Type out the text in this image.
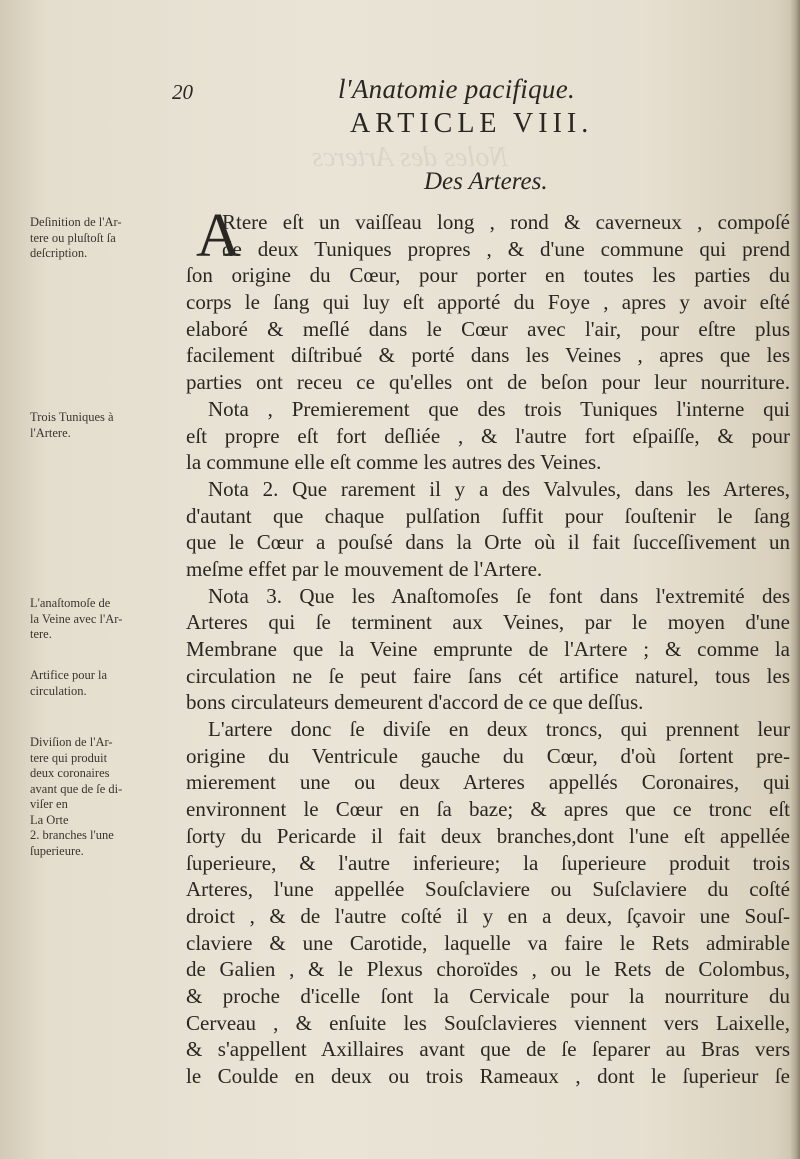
20	l'Anatomie pacifique.
ARTICLE VIII.
Noles des Artercs
Des Arteres.
A
Rtere eſt un vaiſſeau long , rond & caverneux , compoſé
de deux Tuniques propres , & d'une commune qui prend
ſon origine du Cœur, pour porter en toutes les parties du
corps le ſang qui luy eſt apporté du Foye , apres y avoir eſté
elaboré & meſlé dans le Cœur avec l'air, pour eſtre plus
facilement diſtribué & porté dans les Veines , apres que les
parties ont receu ce qu'elles ont de beſon pour leur nourriture.
Nota , Premierement que des trois Tuniques l'interne qui
eſt propre eſt fort deſliée , & l'autre fort eſpaiſſe, & pour
la commune elle eſt comme les autres des Veines.
Nota 2. Que rarement il y a des Valvules, dans les Arteres,
d'autant que chaque pulſation ſuffit pour ſouſtenir le ſang
que le Cœur a pouſsé dans la Orte où il fait ſucceſſivement un
meſme effet par le mouvement de l'Artere.
Nota 3. Que les Anaſtomoſes ſe font dans l'extremité des
Arteres qui ſe terminent aux Veines, par le moyen d'une
Membrane que la Veine emprunte de l'Artere ; & comme la
circulation ne ſe peut faire ſans cét artifice naturel, tous les
bons circulateurs demeurent d'accord de ce que deſſus.
L'artere donc ſe diviſe en deux troncs, qui prennent leur
origine du Ventricule gauche du Cœur, d'où ſortent pre-
mierement une ou deux Arteres appellés Coronaires, qui
environnent le Cœur en ſa baze; & apres que ce tronc eſt
ſorty du Pericarde il fait deux branches,dont l'une eſt appellée
ſuperieure, & l'autre inferieure; la ſuperieure produit trois
Arteres, l'une appellée Souſclaviere ou Suſclaviere du coſté
droict , & de l'autre coſté il y en a deux, ſçavoir une Souſ-
claviere & une Carotide, laquelle va faire le Rets admirable
de Galien , & le Plexus choroïdes , ou le Rets de Colombus,
& proche d'icelle ſont la Cervicale pour la nourriture du
Cerveau , & enſuite les Souſclavieres viennent vers Laixelle,
& s'appellent Axillaires avant que de ſe ſeparer au Bras vers
le Coulde en deux ou trois Rameaux , dont le ſuperieur ſe
Deſinition de l'Ar-
tere ou pluſtoſt ſa
deſcription.
Trois Tuniques à
l'Artere.
L'anaſtomoſe de
la Veine avec l'Ar-
tere.
Artifice pour la
circulation.
Diviſion de l'Ar-
tere qui produit
deux coronaires
avant que de ſe di-
viſer en
La Orte
2. branches l'une
ſuperieure.
